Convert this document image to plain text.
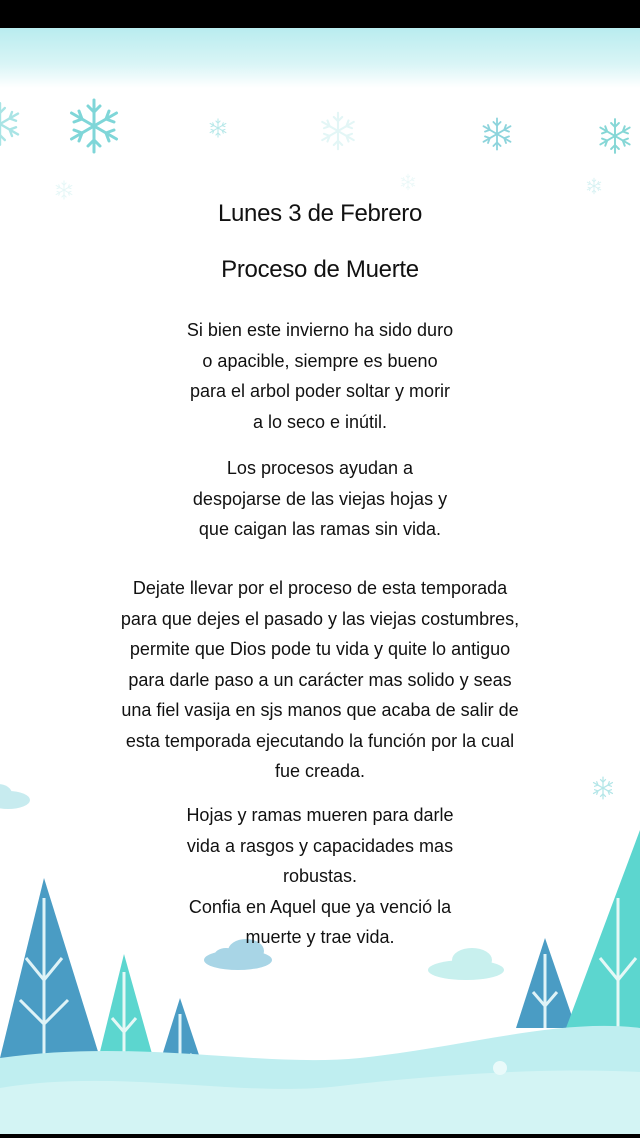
Lunes 3 de Febrero
Proceso de Muerte
Si bien este invierno ha sido duro
o apacible, siempre es bueno
para el arbol poder soltar y morir
a lo seco e inútil.
Los procesos ayudan a
despojarse de las viejas hojas y
que caigan las ramas sin vida.
Dejate llevar por el proceso de esta temporada
para que dejes el pasado y las viejas costumbres,
permite que Dios pode tu vida y quite lo antiguo
para darle paso a un carácter mas solido y seas
una fiel vasija en sjs manos que acaba de salir de
esta temporada ejecutando la función por la cual
fue creada.
Hojas y ramas mueren para darle
vida a rasgos y capacidades mas
robustas.
Confia en Aquel que ya venció la
muerte y trae vida.
